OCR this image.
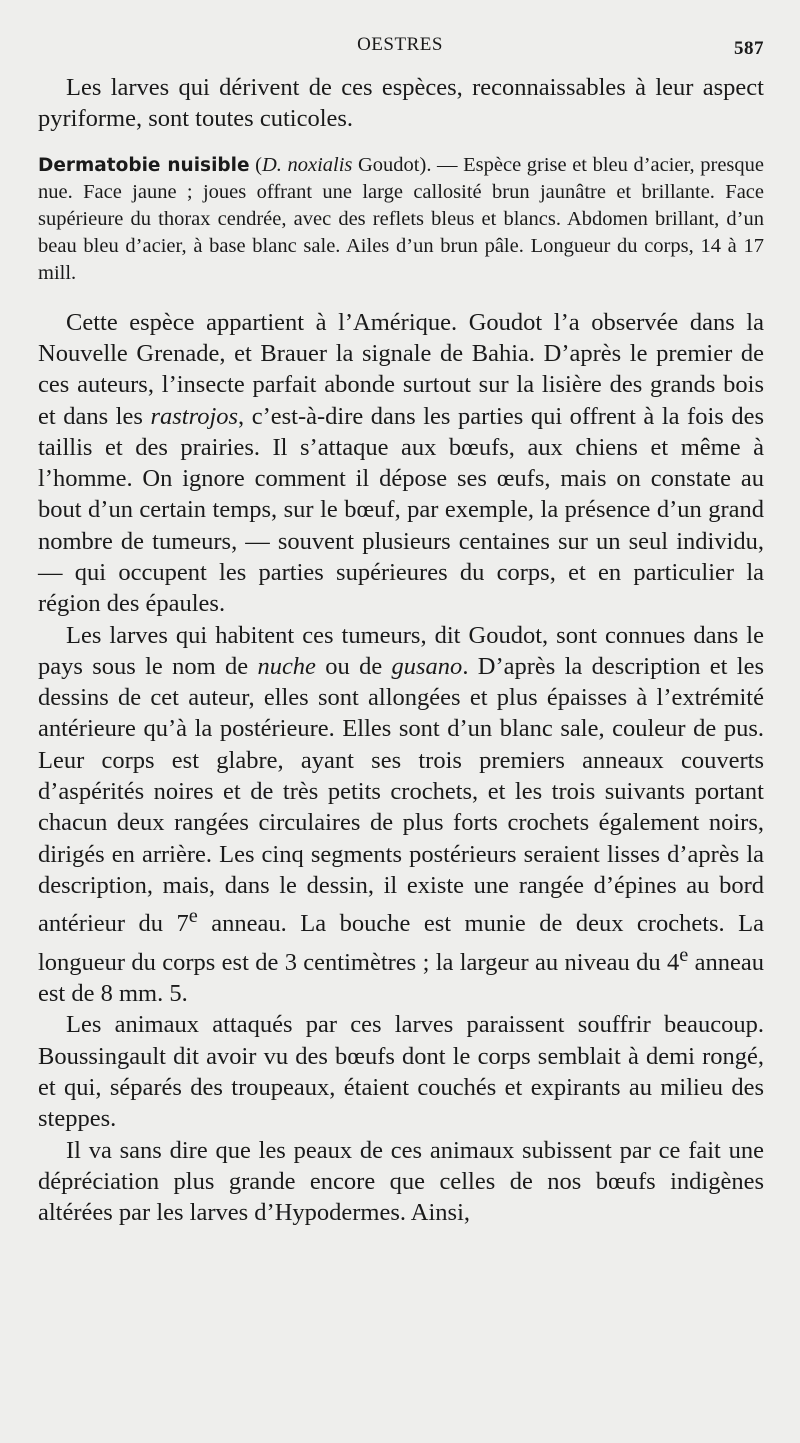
OESTRES	587

Les larves qui dérivent de ces espèces, reconnaissables à leur aspect pyriforme, sont toutes cuticoles.

Dermatobie nuisible (D. noxialis Goudot). — Espèce grise et bleu d’acier, presque nue. Face jaune ; joues offrant une large callosité brun jaunâtre et brillante. Face supérieure du thorax cendrée, avec des reflets bleus et blancs. Abdomen brillant, d’un beau bleu d’acier, à base blanc sale. Ailes d’un brun pâle. Longueur du corps, 14 à 17 mill.

Cette espèce appartient à l’Amérique. Goudot l’a observée dans la Nouvelle Grenade, et Brauer la signale de Bahia. D’après le premier de ces auteurs, l’insecte parfait abonde surtout sur la lisière des grands bois et dans les rastrojos, c’est-à-dire dans les parties qui offrent à la fois des taillis et des prairies. Il s’attaque aux bœufs, aux chiens et même à l’homme. On ignore comment il dépose ses œufs, mais on constate au bout d’un certain temps, sur le bœuf, par exemple, la présence d’un grand nombre de tumeurs, — souvent plusieurs centaines sur un seul individu, — qui occupent les parties supérieures du corps, et en particulier la région des épaules.

Les larves qui habitent ces tumeurs, dit Goudot, sont connues dans le pays sous le nom de nuche ou de gusano. D’après la description et les dessins de cet auteur, elles sont allongées et plus épaisses à l’extrémité antérieure qu’à la postérieure. Elles sont d’un blanc sale, couleur de pus. Leur corps est glabre, ayant ses trois premiers anneaux couverts d’aspérités noires et de très petits crochets, et les trois suivants portant chacun deux rangées circulaires de plus forts crochets également noirs, dirigés en arrière. Les cinq segments postérieurs seraient lisses d’après la description, mais, dans le dessin, il existe une rangée d’épines au bord antérieur du 7e anneau. La bouche est munie de deux crochets. La longueur du corps est de 3 centimètres ; la largeur au niveau du 4e anneau est de 8 mm. 5.

Les animaux attaqués par ces larves paraissent souffrir beaucoup. Boussingault dit avoir vu des bœufs dont le corps semblait à demi rongé, et qui, séparés des troupeaux, étaient couchés et expirants au milieu des steppes.

Il va sans dire que les peaux de ces animaux subissent par ce fait une dépréciation plus grande encore que celles de nos bœufs indigènes altérées par les larves d’Hypodermes. Ainsi,
